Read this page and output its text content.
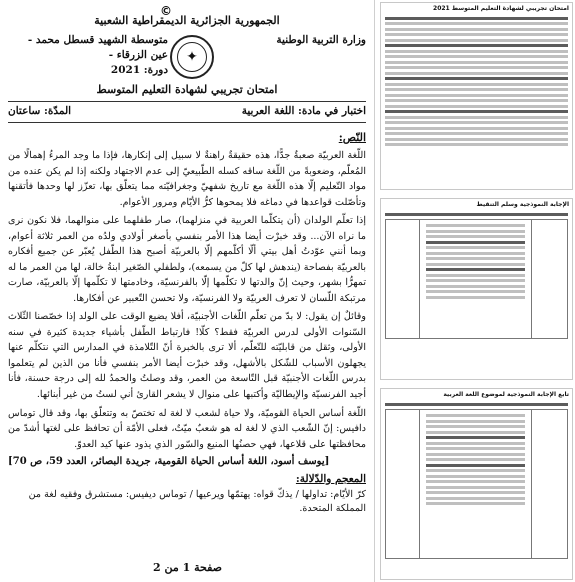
©
الجمهورية الجزائرية الديمقراطية الشعبية
وزارة التربية الوطنية
✦
متوسطة الشهيد قسطل محمد - عين الزرقاء -
دورة: 2021
امتحان تجريبي لشهادة التعليم المتوسط
اختبار في مادة: اللغة العربية
المدّة: ساعتان
النّص:

اللّغة العربيّة صعبةٌ جدًّا، هذه حقيقةٌ راهنةٌ لا سبيل إلى إنكارها، فإذا ما وجد المرءُ إهمالًا من المُعلّم، وضعوبةً من اللّغة ساقه كسله الطّبيعيّ إلى عدم الاجتهاد ولكنه إذا لم يكن عنده من مواد التّعليم إلّا هذه اللّغة مع تاريخ شفهيّ وجغرافيّته مما يتعلّق بها، تعزّز لها وحدها فأتقنها وتأصّلت قواعدها في دماغه فلا يمحوها كرُّ الأيّام ومرور الأعوام.

إذا تعلّم الولدان (أن يتكلّما العربية في منزلهما)، صار طفلهما على منوالهما، فلا نكون نرى ما نراه الآن... وقد خبرْت أيضا هذا الأمر بنفسي بأصغر أولادي ولدُه من العمر ثلاثة أعوام، وبما أنني عوّدتُ أهل بيتي ألّا أكلّمهم إلّا بالعربيّة أصبح هذا الطّفل يُعبّر عن جميع أفكاره بالعربيّة بفصاحة (يندهش لها كلّ من يسمعه)، ولطفلي الصّغير ابنةُ خالة، لها من العمر ما له تمهرُّا بشهر، وحيث إنّ والدتها لا تكلّمها إلّا بالفرنسيّة، وخادمتها لا تكلّمها إلّا بالعربيّة، صارت مرتبكة اللّسان لا تعرف العربيّة ولا الفرنسيّة، ولا تحسن التّعبير عن أفكارها.

وقائلٌ إن يقول: لا بدّ من تعلّم اللّغات الأجنبيّة، أفلا يضيع الوقت على الولد إذا خصّصنا الثّلاث السّنوات الأولى لدرس العربيّة فقط؟ كلّا! فارتباط الطّفل بأشياء جديدة كثيرة في سنه الأولى، وثقل من قابليّته للتّعلّم، ألا ترى بالخبرة أنّ التّلامذة في المدارس التي نتكلّم عنها يجهلون الأسباب للشّكل بالأشهل، وقد خبرْت أيضا الأمر بنفسي فأنا من الذين لم يتعلموا بدرس اللّغات الأجنبيّة قبل التّاسعة من العمر، وقد وصلتُ والحمدُ لله إلى درجة حسنة، فأنا أجيد الفرنسيّة والإيطاليّة وأكتبها على منوال لا يشعر القارئ أني لستُ من غير أبنائها.

اللّغة أساس الحياة القوميّة، ولا حياة لشعب لا لغة له تختصّ به وتتعلّق بها، وقد قال توماس دافيس: إنّ الشّعب الذي لا لغة له هو شعبٌ ميّتٌ، فعلى الأمّة أن تحافظ على لغتها أشدّ من محافظتها على قلاعها، فهي حصنُها المنيع والسّور الذي يذود عنها كيد العدوّ.

[يوسف أسود، اللغة أساس الحياة القومية، جريدة البصائر، العدد 59، ص 70]
المعجم والدّلالة:
كرّ الأيّام: تداولها / يذكّ قواه: يهتمّها ويرعيها / توماس ديفيس: مستشرق وفقيه لغة من المملكة المتحدة.
صفحة 1 من 2
امتحان تجريبي لشهادة التعليم المتوسط 2021
الإجابة النموذجية وسلم التنقيط
تابع الإجابة النموذجية لموضوع اللغة العربية
